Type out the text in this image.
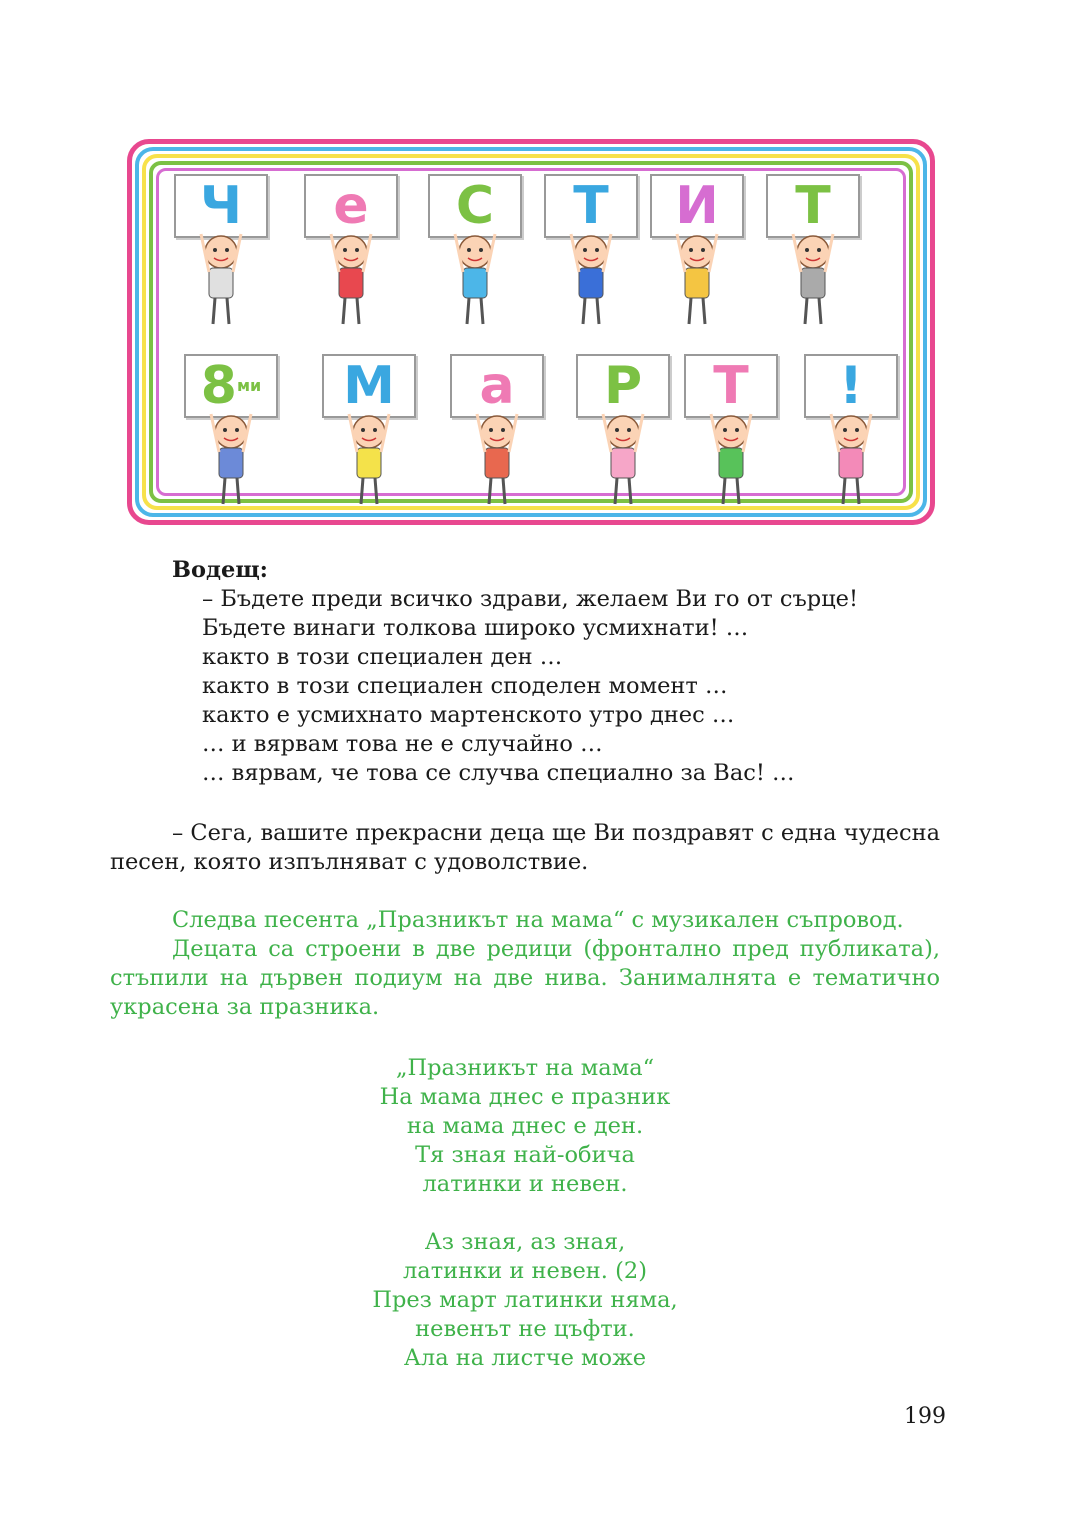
Ч	е	С	Т	И	Т
8 ми	М	а	Р	Т	!
Водещ:
– Бъдете преди всичко здрави, желаем Ви го от сърце!
Бъдете винаги толкова широко усмихнати! …
както в този специален ден …
както в този специален споделен момент …
както е усмихнато мартенското утро днес …
… и вярвам това не е случайно …
… вярвам, че това се случва специално за Вас! …
– Сега, вашите прекрасни деца ще Ви поздравят с една чудесна песен, която изпълняват с удоволствие.
Следва песента „Празникът на мама“ с музикален съпровод.
Децата са строени в две редици (фронтално пред публиката), стъпили на дървен подиум на две нива. Занималнята е тематично украсена за празника.
„Празникът на мама“
На мама днес е празник
на мама днес е ден.
Тя зная най-обича
латинки и невен.
Аз зная, аз зная,
латинки и невен. (2)
През март латинки няма,
невенът не цъфти.
Ала на листче може
199
